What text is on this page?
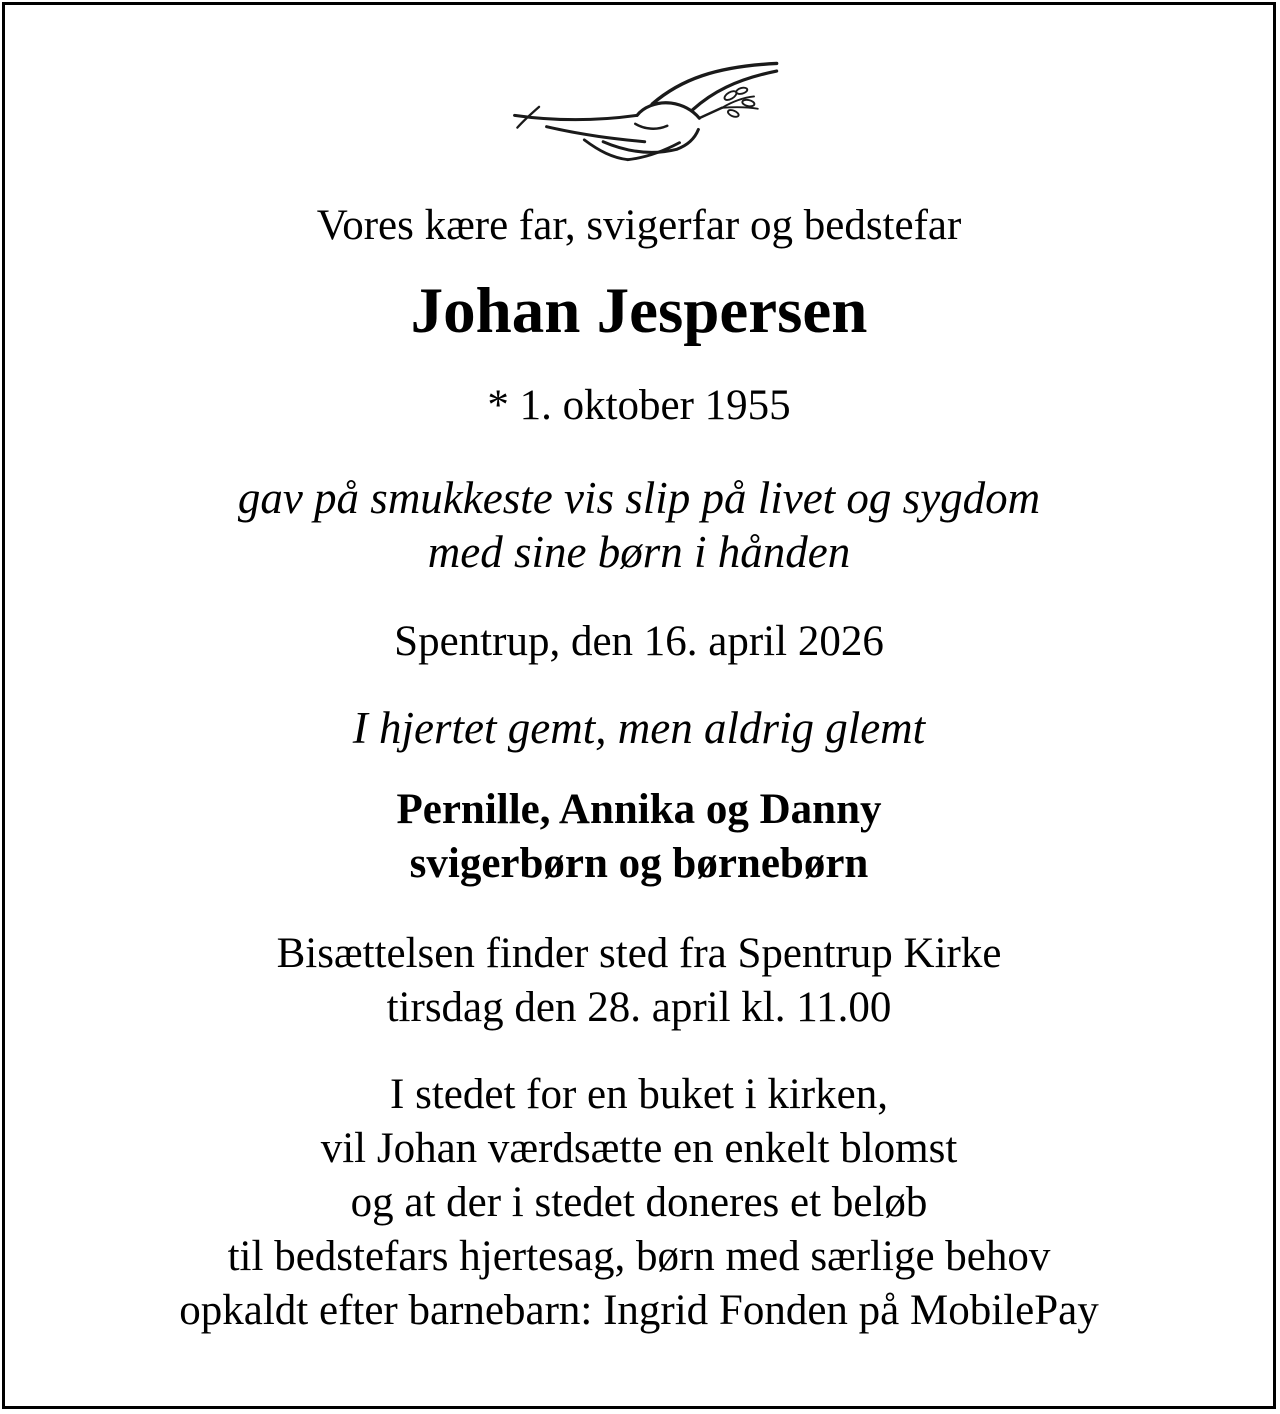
Vores kære far, svigerfar og bedstefar
Johan Jespersen
* 1. oktober 1955
gav på smukkeste vis slip på livet og sygdom
med sine børn i hånden
Spentrup, den 16. april 2026
I hjertet gemt, men aldrig glemt
Pernille, Annika og Danny
svigerbørn og børnebørn
Bisættelsen finder sted fra Spentrup Kirke
tirsdag den 28. april kl. 11.00
I stedet for en buket i kirken,
vil Johan værdsætte en enkelt blomst
og at der i stedet doneres et beløb
til bedstefars hjertesag, børn med særlige behov
opkaldt efter barnebarn: Ingrid Fonden på MobilePay
